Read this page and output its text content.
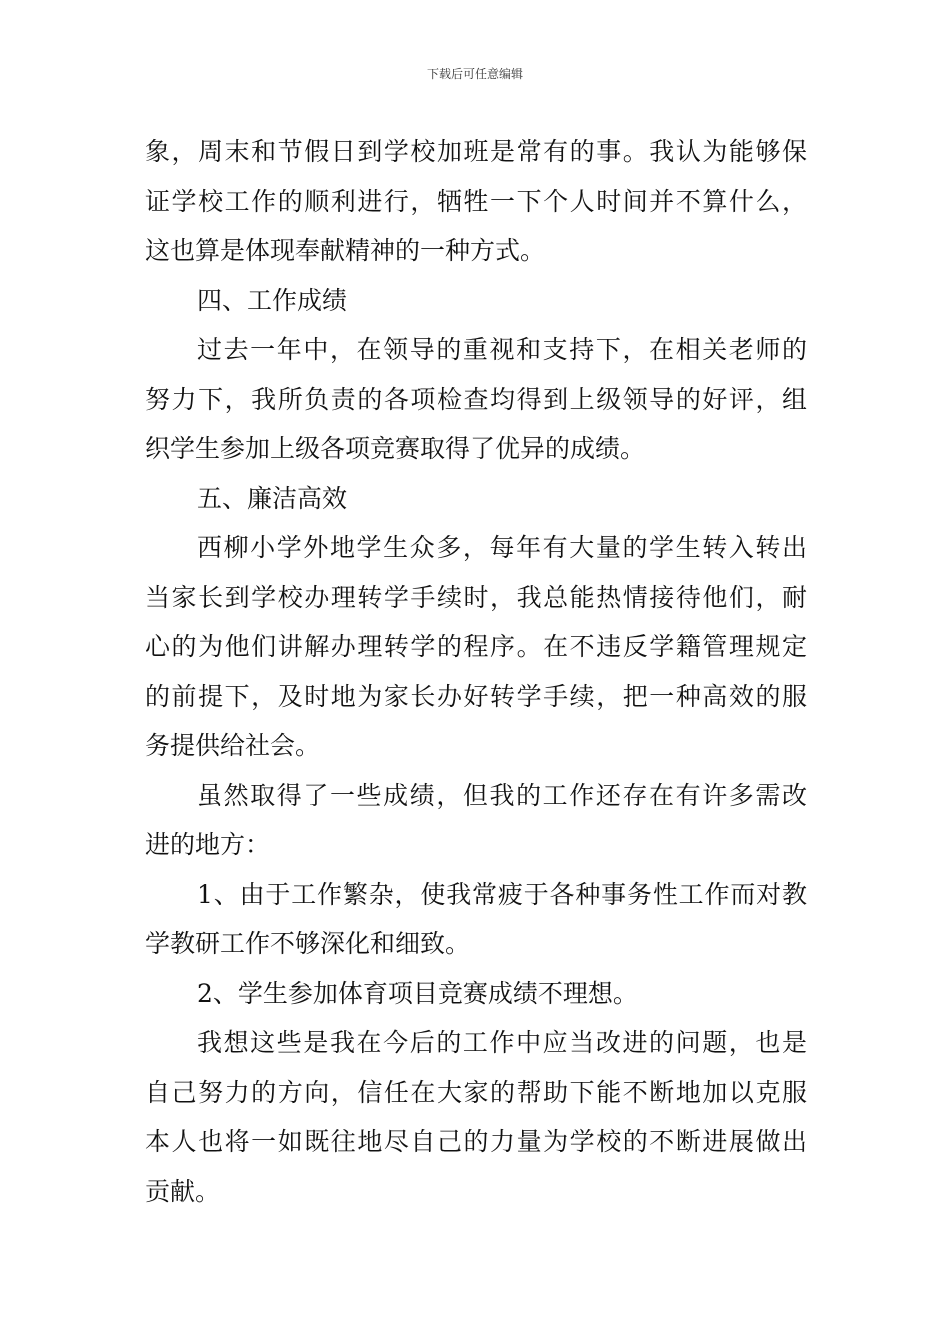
下载后可任意编辑
象，周末和节假日到学校加班是常有的事。我认为能够保
证学校工作的顺利进行，牺牲一下个人时间并不算什么，
这也算是体现奉献精神的一种方式。
四、工作成绩
过去一年中，在领导的重视和支持下，在相关老师的
努力下，我所负责的各项检查均得到上级领导的好评，组
织学生参加上级各项竞赛取得了优异的成绩。
五、廉洁高效
西柳小学外地学生众多，每年有大量的学生转入转出
当家长到学校办理转学手续时，我总能热情接待他们，耐
心的为他们讲解办理转学的程序。在不违反学籍管理规定
的前提下，及时地为家长办好转学手续，把一种高效的服
务提供给社会。
虽然取得了一些成绩，但我的工作还存在有许多需改
进的地方：
1、由于工作繁杂，使我常疲于各种事务性工作而对教
学教研工作不够深化和细致。
2、学生参加体育项目竞赛成绩不理想。
我想这些是我在今后的工作中应当改进的问题，也是
自己努力的方向，信任在大家的帮助下能不断地加以克服
本人也将一如既往地尽自己的力量为学校的不断进展做出
贡献。
